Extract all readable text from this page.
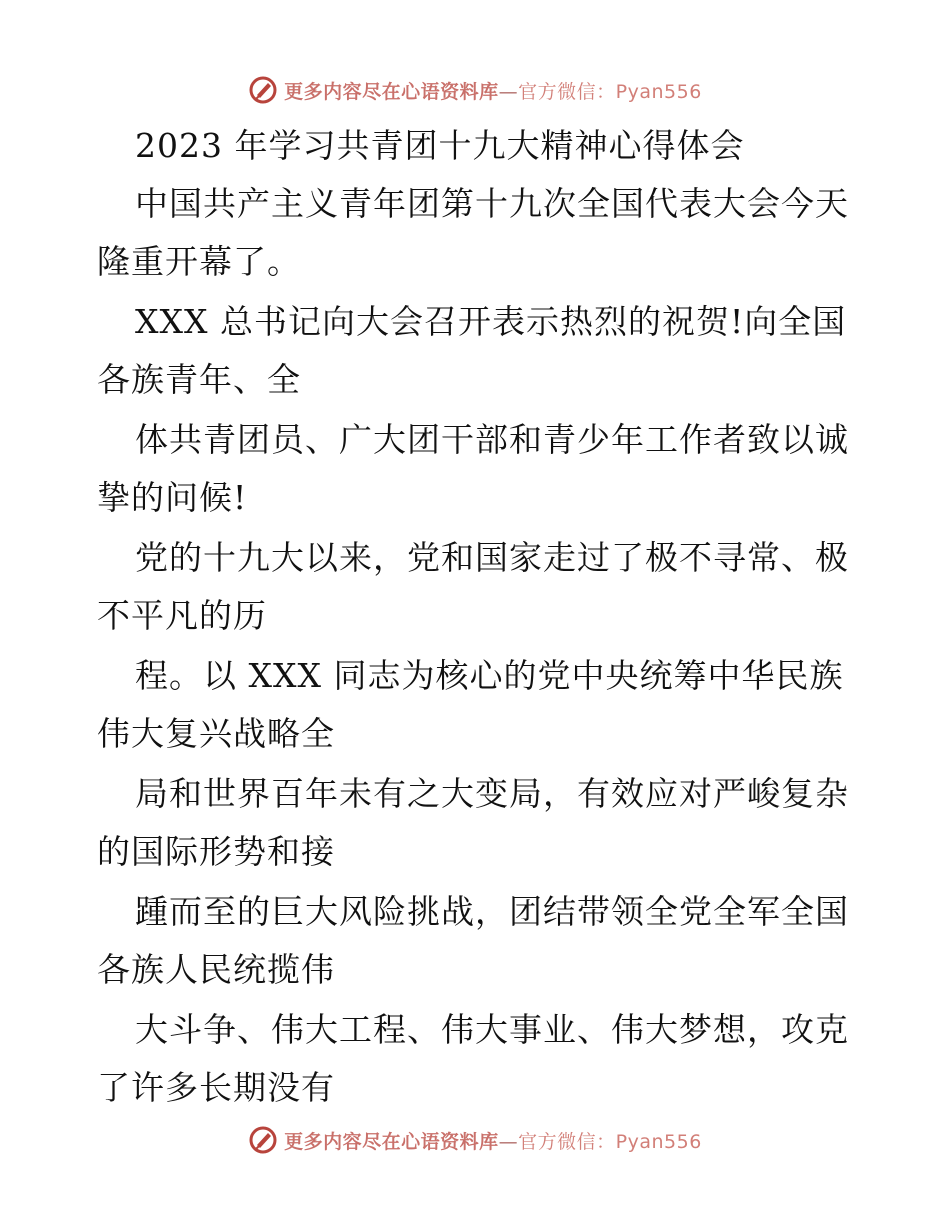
更多内容尽在心语资料库—官方微信：Pyan556
2023 年学习共青团十九大精神心得体会
中国共产主义青年团第十九次全国代表大会今天
隆重开幕了。
XXX 总书记向大会召开表示热烈的祝贺!向全国
各族青年、全
体共青团员、广大团干部和青少年工作者致以诚
挚的问候!
党的十九大以来，党和国家走过了极不寻常、极
不平凡的历
程。以 XXX 同志为核心的党中央统筹中华民族
伟大复兴战略全
局和世界百年未有之大变局，有效应对严峻复杂
的国际形势和接
踵而至的巨大风险挑战，团结带领全党全军全国
各族人民统揽伟
大斗争、伟大工程、伟大事业、伟大梦想，攻克
了许多长期没有
更多内容尽在心语资料库—官方微信：Pyan556
